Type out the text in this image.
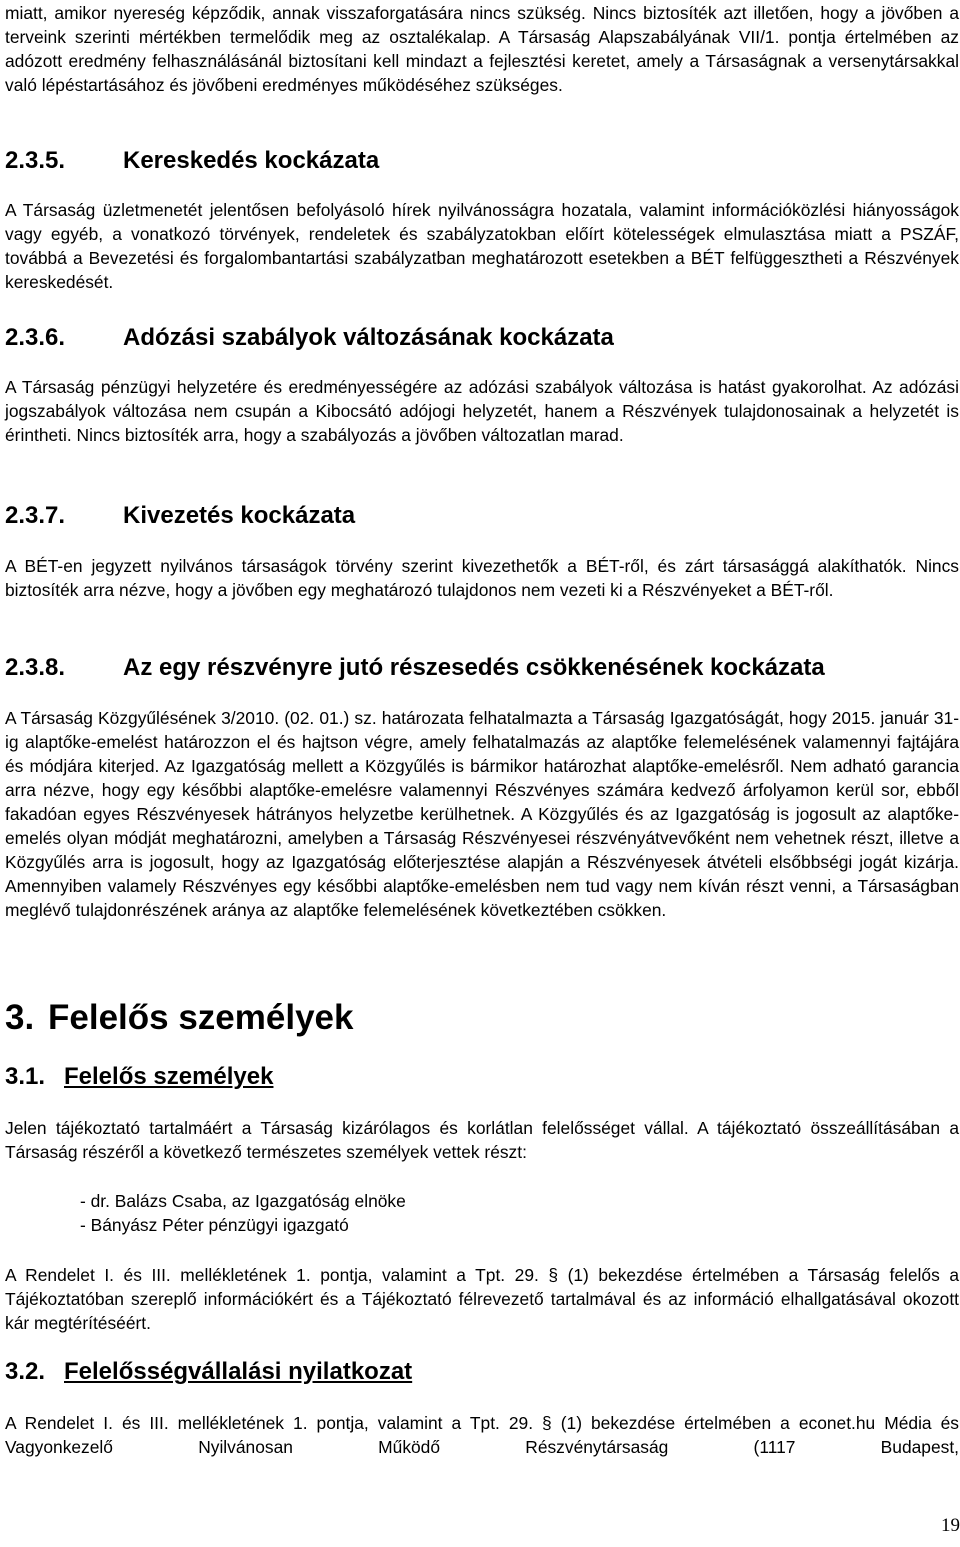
miatt, amikor nyereség képződik, annak visszaforgatására nincs szükség. Nincs biztosíték azt illetően, hogy a jövőben a terveink szerinti mértékben termelődik meg az osztalékalap. A Társaság Alapszabályának VII/1. pontja értelmében az adózott eredmény felhasználásánál biztosítani kell mindazt a fejlesztési keretet, amely a Társaságnak a versenytársakkal való lépéstartásához és jövőbeni eredményes működéséhez szükséges.

2.3.5.	Kereskedés kockázata

A Társaság üzletmenetét jelentősen befolyásoló hírek nyilvánosságra hozatala, valamint információközlési hiányosságok vagy egyéb, a vonatkozó törvények, rendeletek és szabályzatokban előírt kötelességek elmulasztása miatt a PSZÁF, továbbá a Bevezetési és forgalombantartási szabályzatban meghatározott esetekben a BÉT felfüggesztheti a Részvények kereskedését.

2.3.6.	Adózási szabályok változásának kockázata

A Társaság pénzügyi helyzetére és eredményességére az adózási szabályok változása is hatást gyakorolhat. Az adózási jogszabályok változása nem csupán a Kibocsátó adójogi helyzetét, hanem a Részvények tulajdonosainak a helyzetét is érintheti. Nincs biztosíték arra, hogy a szabályozás a jövőben változatlan marad.

2.3.7.	Kivezetés kockázata

A BÉT-en jegyzett nyilvános társaságok törvény szerint kivezethetők a BÉT-ről, és zárt társasággá alakíthatók. Nincs biztosíték arra nézve, hogy a jövőben egy meghatározó tulajdonos nem vezeti ki a Részvényeket a BÉT-ről.

2.3.8.	Az egy részvényre jutó részesedés csökkenésének kockázata

A Társaság Közgyűlésének 3/2010. (02. 01.) sz. határozata felhatalmazta a Társaság Igazgatóságát, hogy 2015. január 31-ig alaptőke-emelést határozzon el és hajtson végre, amely felhatalmazás az alaptőke felemelésének valamennyi fajtájára és módjára kiterjed. Az Igazgatóság mellett a Közgyűlés is bármikor határozhat alaptőke-emelésről. Nem adható garancia arra nézve, hogy egy későbbi alaptőke-emelésre valamennyi Részvényes számára kedvező árfolyamon kerül sor, ebből fakadóan egyes Részvényesek hátrányos helyzetbe kerülhetnek. A Közgyűlés és az Igazgatóság is jogosult az alaptőke-emelés olyan módját meghatározni, amelyben a Társaság Részvényesei részvényátvevőként nem vehetnek részt, illetve a Közgyűlés arra is jogosult, hogy az Igazgatóság előterjesztése alapján a Részvényesek átvételi elsőbbségi jogát kizárja. Amennyiben valamely Részvényes egy későbbi alaptőke-emelésben nem tud vagy nem kíván részt venni, a Társaságban meglévő tulajdonrészének aránya az alaptőke felemelésének következtében csökken.

3. Felelős személyek
3.1. Felelős személyek

Jelen tájékoztató tartalmáért a Társaság kizárólagos és korlátlan felelősséget vállal. A tájékoztató összeállításában a Társaság részéről a következő természetes személyek vettek részt:

- dr. Balázs Csaba, az Igazgatóság elnöke
- Bányász Péter pénzügyi igazgató

A Rendelet I. és III. mellékletének 1. pontja, valamint a Tpt. 29. § (1) bekezdése értelmében a Társaság felelős a Tájékoztatóban szereplő információkért és a Tájékoztató félrevezető tartalmával és az információ elhallgatásával okozott kár megtérítéséért.

3.2. Felelősségvállalási nyilatkozat

A Rendelet I. és III. mellékletének 1. pontja, valamint a Tpt. 29. § (1) bekezdése értelmében a econet.hu Média és Vagyonkezelő Nyilvánosan Működő Részvénytársaság (1117 Budapest,

19
